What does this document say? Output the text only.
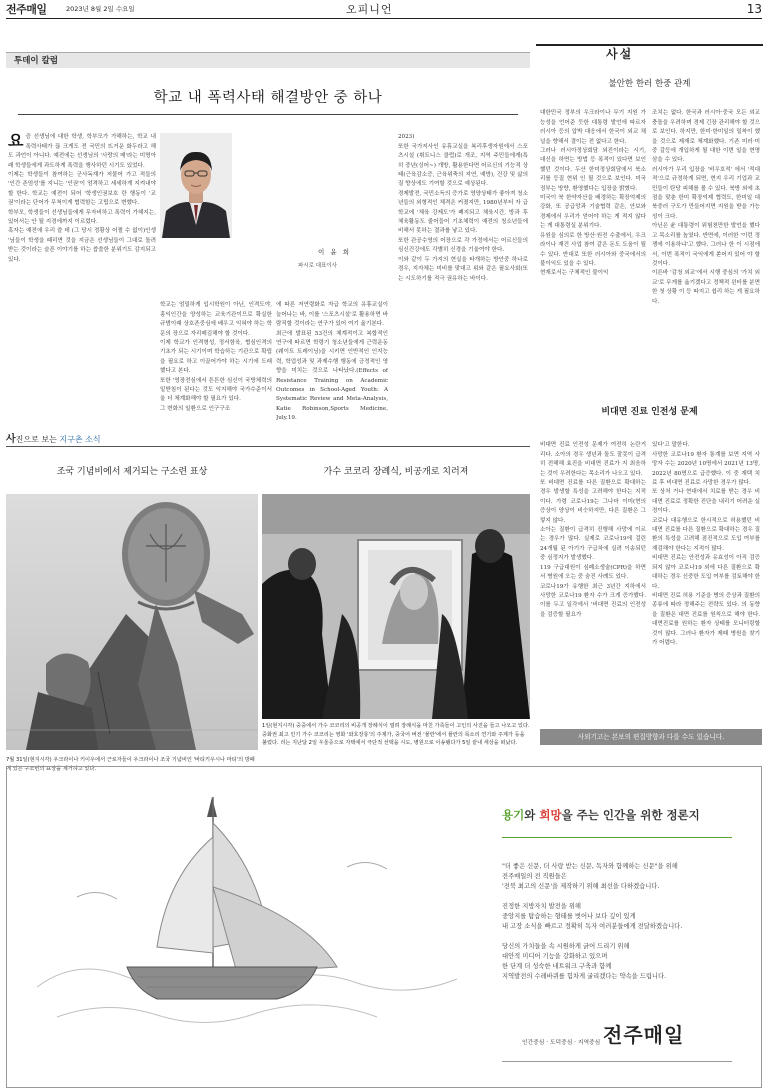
전주매일	2023년 8월 2일 수요일	오피니언	13
투데이 칼럼
학교 내 폭력사태 해결방안 중 하나

요즘 선생님에 대한 학생, 학부모가 가해하는, 학교 내 폭력사태가 끊 크게도 전 국민의 뜨거운 화두라고 해도 과언이 아니다. 예전에는 선생님의 '사랑의 매'라는 미명아래 학생들에게 과도하게 폭력을 행사하던 시기도 있었다.
이제는 학생들이 참여하는 군사독재가 저물어 가고 적들의 '인간 존엄성'를 지니는 '인권'이 엄격하고 세세하게 지켜내야 할 한다. 학교는 예전이 되어 '학생인권보호 란 행동이 '교권'이라는 단어가 무척이게 협력함는 고립으로 변했다.
학부모, 학생들이 선생님들에게 무자비하고 폭력이 가해지는, 있어서는 안 될 지경에까지 이르렀다.
혹자는 예전에 우리 쓸 데 (그 당시 정황상 어쩔 수 없이)인생 '님들이 학생을 때리면 것을 지금은 선생님들이 그대로 돌려받는 것이라는 슬픈 이야기를 하는 씁쓸한 분위기도 감지되고 있다.

이 윤 희
파시로 대표이사

학교는 엄밀하게 입시학원이 아닌, 인격도야, 홍익인간을 양성하는 교육기관이므로 확실한 규범이래 상호존중심에 배우고 익혀야 하는 학문의 장으로 자리매김해야 할 것이다.
이제 학교가 인격형성, 정서함육, 협심인격의 기초가 되는 시기이며 학습하는 기관으로 확립을 필요로 하고 이끌어가야 하는 시기에 도래했다고 본다.
또한 '영장전심에서 튼튼한 심신이 국방체력의 밑받침이 된다는 것도 익지해야 국가수준이서 울 더 체계화해야 할 필요가 있다.
그 변화의 일환으로 인구구조

에 따른 저연령화로 자급 학교의 유휴교실이 늘어나는 바, 이를 '스포츠시설'로 활용하면 바람직할 것이라는 연구가 있어 여기 옮기본다.
최근에 발표된 53건의 체계적이고 복합적인 연구에 따르면 학령기 청소년들에게 근력운동(웨이트 트레이닝)을 시키면 인반적인 인지능력, 학업성과 및 과제수행 행동에 긍정적인 영향을 미치는 것으로 나타났다.(Effects of Resistance Training on Academic Outcomes in School-Aged Youth: A Systematic Review and Meta-Analysis, Katie Robinson,Sports Medicine, July.19.

2023)
또한 국가지사인 유휴교실을 복리후생자원에서 스포츠시설 (휘트니스 클럽)로 개조, 지역 주민들에게(특히 중년(싱어~) 개방, 활용한다면 어르신의 기능적 상태(근육감소증, 근육위축의 지연, 예방), 건강 및 삶의 질 향상에도 기여할 것으로 예상된다.
경제발전, 국민소득의 증가로 영양상태가 좋아져 청소년들의 외형적인 체격은 커졌지만, 1980년부터 자 급 학교에 '체육 강제도'가 폐지되고 체육시간, 방과 후 체육활동도 줄어들어 기초체력이 예전의 청소년들에 비해서 못하는 결과를 낳고 있다.
또한 관공수영의 어장으로 각 가정에서는 어르신들의 심신건강에도 각별히 신경을 기울여야 한다.
이와 같이 두 가지의 현실을 타개하는 방안중 하나로 경우, 지자체는 미비를 맞대고 위와 같은 필요사회(또는 시도하기를 적극 권유하는 바이다.

사설
불안한 한러 한중 관계

대한민국 정부의 우크라이나 무기 지원 가능성을 언어준 듯한 대통령 발언에 따르자 러시아 등의 압박 대응에서 한국이 외교 채널을 향해서 결이는 전 없다고 한다.
그러나 러시아정상회담 외진이라는 시기, 대신을 하면는 방법 등 폭적이 있다면 보인했던 것이다. 두산 한미정상회담에서 북소리를 등질 현위 인 될 것으로 보인다. 미국 정부는 방향, 환영했다는 입장을 밝혔다.
미국이 북 한약자산을 배경하는 확장억제의 강화, 또 공급망과 기술협력 같은, 안보와 경제에서 우리가 얻어야 하는 게 적지 않다는 게 대통령실 분위기다.
유원을 심의로 한 방산·원전 수출에서, 우크라이나 재건 사업 참여 같은 돈도 도움이 될 수 있다. 반대로 또한 러시아와 중국에서의 불이익도 있을 수 있다.
현재로서는 구체적인 불이익

조치는 없다. 한국과 러시아·중국 모든 외교 충돌을 우려하며 경제 긴장 관리해야 할 것으로 보인다. 하지만, 한미·한미일의 밀착이 했을 것으로 제재로 체계화했다. 기존 미러·미중 갈등에 개입하게 될 대한 이번 일을 현명 삼을 수 있다.
러시아가 우리 입장을 '비우호적' 에서 '적대적'으로 규정하게 되면, 현지 우리 기업과 교민들이 탄당 피해를 볼 수 있다. 북방 외에 초점을 맞춘 한미 확장억제 협력도, 한미일 대 북중러 구도가 만들어지면 지원을 받을 가능성이 크다.
아닌은 윤 대통령이 위험천만한 발언을 했다고 목소리를 높였다. 반면에, 이러한 '이런 정쟁에 이용하냐'고 했다. 그러나 한 이 시점에서, 이번 폭적이 국익에게 쏟어지 있어 야 할 것이다.
이른바 '감청 외교'에서 시행 중심의 '가치 외교'로 무게를 옮기겠다고 정책적 윈터를 분면한 첫 상황 이 등 따지고 쉽리 하는 게 필요하다.

비대면 진료 인전성 문제

비대면 진료 인전성 문제가 여전히 논란거리다. 소아의 경우 생년과 돌도 잘못이 급격히 전해해 효진을 비대면 진료가 지 최음하는 것이 우려한다는 목소리가 나오고 있다.
또 비대면 진료를 다른 질환으로 확대하는 경우 발생할 특성을 고려해야 한다는 지적이다. 가령 코로나19는 그나마 이미(현의 증상이 양상이 비슷하지만, 다른 질환은 그렇지 않다.
소아는 질환이 급격히 진행해 사망에 이르는 경우가 많다. 실제로 코로나19에 걸린 24개월 된 아기가 구급차에 실려 이송되던 중 심정지가 발생했다.
119 구급대원이 심폐소생술(CPR)을 하면서 병원에 오는 중 숨진 사례도 있다.
코로나19가 유행한 최근 3년간 지하에서 사망한 코로나19 환자 수가 크게 증가했다. 이를 두고 일각에서 '비대면 진료의 인전성을 검증할 필요가

있다'고 말한다.
사망한 코로나19 환자 통계를 보면 지역 사망자 수는 2020년 10명에서 2021년 13명, 2022년 80명으로 급증했다. 이 중 재택 치료 후 비대면 진료로 사망한 경우가 많다.
또 상처 거나 현대에서 치료를 받는 경우 비대면 진료로 정확한 진단을 내리기 어려운 실정이다.
코로나 대유행으로 한시적으로 허용했던 비대면 진료를 다른 질환으로 확대하는 경우 질환의 특성을 고려해 점진적으로 도입 여부를 재검해야 한다는 지적이 많다.
비대면 진료는 안전성과 유효성이 아직 검증되지 않아 코로나19 외에 다른 질환으로 확대하는 경우 신중한 도입 여부를 검토해야 한다.
비대면 진료 허용 기준을 병의 증상과 질환의 종류에 따라 정해주는 전략도 있다. 의 동향을 질환은 대면 진료를 원칙으로 해야 한다. 대면진료를 원하는 환자 상태를 모니터링할 것이 많다. 그러나 환자가 제때 병원을 찾기가 어렵다.

사진으로 보는 지구촌 소식
조국 기념비에서 제거되는 구소련 표상	가수 코코리 장례식, 비공개로 치러져
7월 31일(현지시각) 우크라이나 키이우에서 근로자들이 우크라이나 조국 기념비인 '바티키우시나 마티'의 방패에 있는 구소련의 표상을 제거하고 있다.
1일(현지시각) 중중에서 가수 코코리의 비공개 장례식이 열려 장례식을 마친 가족들이 고인의 사진을 들고 나오고 있다. 중화권 최고 인기 가수 코코리는 영화 '와호장룡'의 주제가, 중국어 버전 '뮬란'에서 뮬란의 목소리 연기와 주제가 등을 불렀다. 리는 지난달 2일 우울증으로 자택에서 극단적 선택을 시도, 병원으로 이송됐다가 5일 끝내 세상을 떠났다.
사외기고는 본보의 편집방향과 다를 수도 있습니다.
용기와 희망을 주는 인간을 위한 정론지
"더 좋은 신문, 더 사랑 받는 신문, 독자와 함께하는 신문"을 위해
전주매일의 전 직원들은
'전북 최고의 신문'을 제작하기 위해 최선을 다하겠습니다.
진정한 지방자치 발전을 위해
중앙지를 탐습하는 형태를 벗어나 보다 깊이 있게
내 고장 소식을 빠르고 정확히 독자 여러분들에게 전달하겠습니다.
당신의 가치들을 속 시원하게 긁어 드리기 위해
대안적 미디어 기능을 강화하고 있으며
한 단계 더 성숙한 네트워크 구축과 함께
지역발전의 수레바퀴를 힘차게 굴리겠다는 약속을 드립니다.
인간중심 · 도덕중심 · 지역중심 전주매일
